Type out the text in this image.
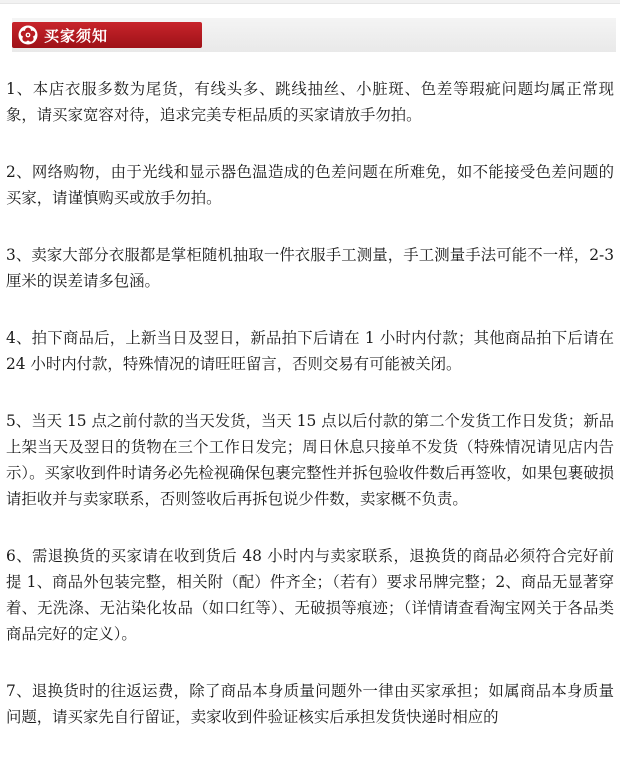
买家须知

1、本店衣服多数为尾货，有线头多、跳线抽丝、小脏斑、色差等瑕疵问题均属正常现象，请买家宽容对待，追求完美专柜品质的买家请放手勿拍。

2、网络购物，由于光线和显示器色温造成的色差问题在所难免，如不能接受色差问题的买家，请谨慎购买或放手勿拍。

3、卖家大部分衣服都是掌柜随机抽取一件衣服手工测量，手工测量手法可能不一样，2-3厘米的误差请多包涵。

4、拍下商品后，上新当日及翌日，新品拍下后请在 1 小时内付款；其他商品拍下后请在 24 小时内付款，特殊情况的请旺旺留言，否则交易有可能被关闭。

5、当天 15 点之前付款的当天发货，当天 15 点以后付款的第二个发货工作日发货；新品上架当天及翌日的货物在三个工作日发完；周日休息只接单不发货（特殊情况请见店内告示）。买家收到件时请务必先检视确保包裹完整性并拆包验收件数后再签收，如果包裹破损请拒收并与卖家联系，否则签收后再拆包说少件数，卖家概不负责。

6、需退换货的买家请在收到货后 48 小时内与卖家联系，退换货的商品必须符合完好前提 1、商品外包装完整，相关附（配）件齐全；（若有）要求吊牌完整；2、商品无显著穿着、无洗涤、无沾染化妆品（如口红等）、无破损等痕迹；（详情请查看淘宝网关于各品类商品完好的定义）。

7、退换货时的往返运费，除了商品本身质量问题外一律由买家承担；如属商品本身质量问题，请买家先自行留证，卖家收到件验证核实后承担发货快递时相应的
